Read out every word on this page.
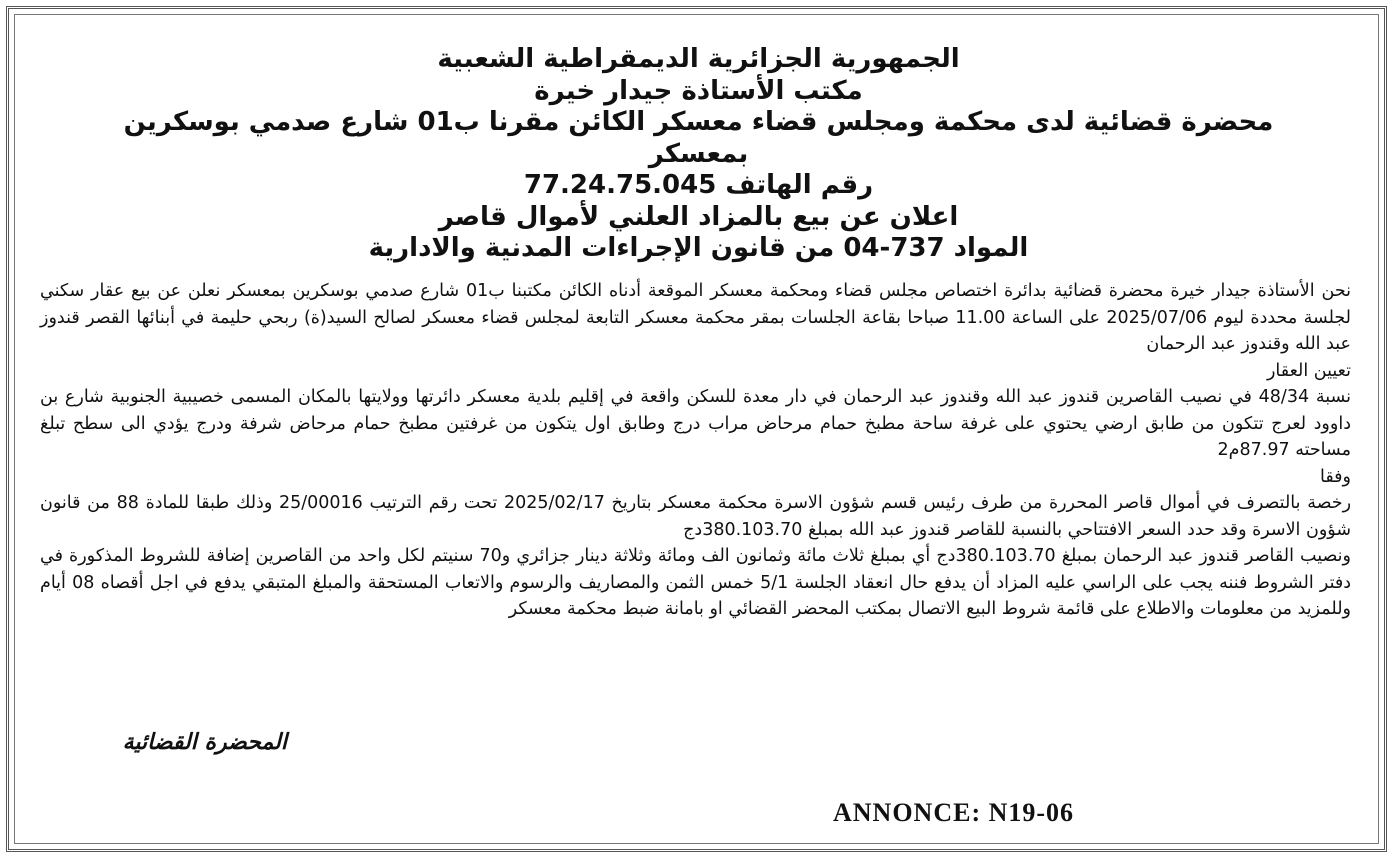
الجمهورية الجزائرية الديمقراطية الشعبية
مكتب الأستاذة جيدار خيرة
محضرة قضائية لدى محكمة ومجلس قضاء معسكر الكائن مقرنا ب01 شارع صدمي بوسكرين بمعسكر
رقم الهاتف 77.24.75.045
اعلان عن بيع بالمزاد العلني لأموال قاصر
المواد 737-04 من قانون الإجراءات المدنية والادارية

نحن الأستاذة جيدار خيرة محضرة قضائية بدائرة اختصاص مجلس قضاء ومحكمة معسكر الموقعة أدناه الكائن مكتبنا ب01 شارع صدمي بوسكرين بمعسكر نعلن عن بيع عقار سكني لجلسة محددة ليوم 2025/07/06 على الساعة 11.00 صباحا بقاعة الجلسات بمقر محكمة معسكر التابعة لمجلس قضاء معسكر لصالح السيد(ة) ربحي حليمة في أبنائها القصر قندوز عبد الله وقندوز عبد الرحمان

تعيين العقار

نسبة 48/34 في نصيب القاصرين قندوز عبد الله وقندوز عبد الرحمان في دار معدة للسكن واقعة في إقليم بلدية معسكر دائرتها وولايتها بالمكان المسمى خصيبية الجنوبية شارع بن داوود لعرج تتكون من طابق ارضي يحتوي على غرفة ساحة مطبخ حمام مرحاض مراب درج وطابق اول يتكون من غرفتين مطبخ حمام مرحاض شرفة ودرج يؤدي الى سطح تبلغ مساحته 87.97م2

وفقا

رخصة بالتصرف في أموال قاصر المحررة من طرف رئيس قسم شؤون الاسرة محكمة معسكر بتاريخ 2025/02/17 تحت رقم الترتيب 25/00016 وذلك طبقا للمادة 88 من قانون شؤون الاسرة وقد حدد السعر الافتتاحي بالنسبة للقاصر قندوز عبد الله بمبلغ 380.103.70دج

ونصيب القاصر قندوز عبد الرحمان بمبلغ 380.103.70دج أي بمبلغ ثلاث مائة وثمانون الف ومائة وثلاثة دينار جزائري و70 سنيتم لكل واحد من القاصرين إضافة للشروط المذكورة في دفتر الشروط فننه يجب على الراسي عليه المزاد أن يدفع حال انعقاد الجلسة 5/1 خمس الثمن والمصاريف والرسوم والاتعاب المستحقة والمبلغ المتبقي يدفع في اجل أقصاه 08 أيام وللمزيد من معلومات والاطلاع على قائمة شروط البيع الاتصال بمكتب المحضر القضائي او بامانة ضبط محكمة معسكر

المحضرة القضائية
ANNONCE: N19-06
